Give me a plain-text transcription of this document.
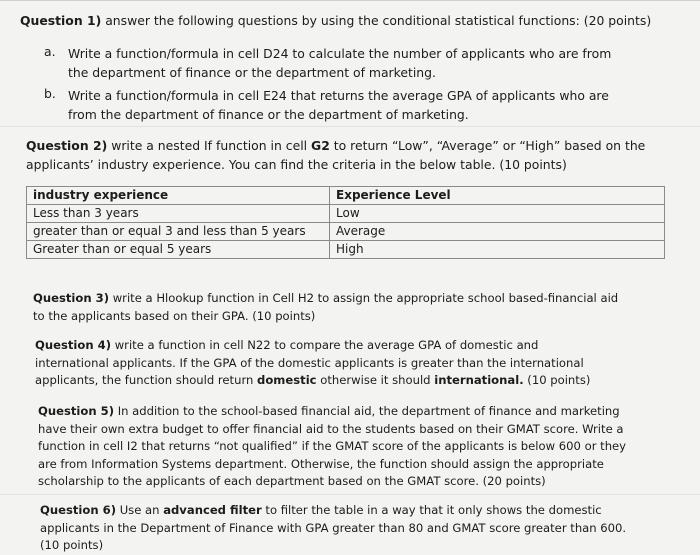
Question 1) answer the following questions by using the conditional statistical functions: (20 points)
a. Write a function/formula in cell D24 to calculate the number of applicants who are from the department of finance or the department of marketing.
b. Write a function/formula in cell E24 that returns the average GPA of applicants who are from the department of finance or the department of marketing.
Question 2) write a nested If function in cell G2 to return “Low”, “Average” or “High” based on the applicants’ industry experience. You can find the criteria in the below table. (10 points)
industry experience	Experience Level
Less than 3 years	Low
greater than or equal 3 and less than 5 years	Average
Greater than or equal 5 years	High
Question 3) write a Hlookup function in Cell H2 to assign the appropriate school based-financial aid to the applicants based on their GPA. (10 points)
Question 4) write a function in cell N22 to compare the average GPA of domestic and international applicants. If the GPA of the domestic applicants is greater than the international applicants, the function should return domestic otherwise it should international. (10 points)
Question 5) In addition to the school-based financial aid, the department of finance and marketing have their own extra budget to offer financial aid to the students based on their GMAT score. Write a function in cell I2 that returns “not qualified” if the GMAT score of the applicants is below 600 or they are from Information Systems department. Otherwise, the function should assign the appropriate scholarship to the applicants of each department based on the GMAT score. (20 points)
Question 6) Use an advanced filter to filter the table in a way that it only shows the domestic applicants in the Department of Finance with GPA greater than 80 and GMAT score greater than 600. (10 points)
